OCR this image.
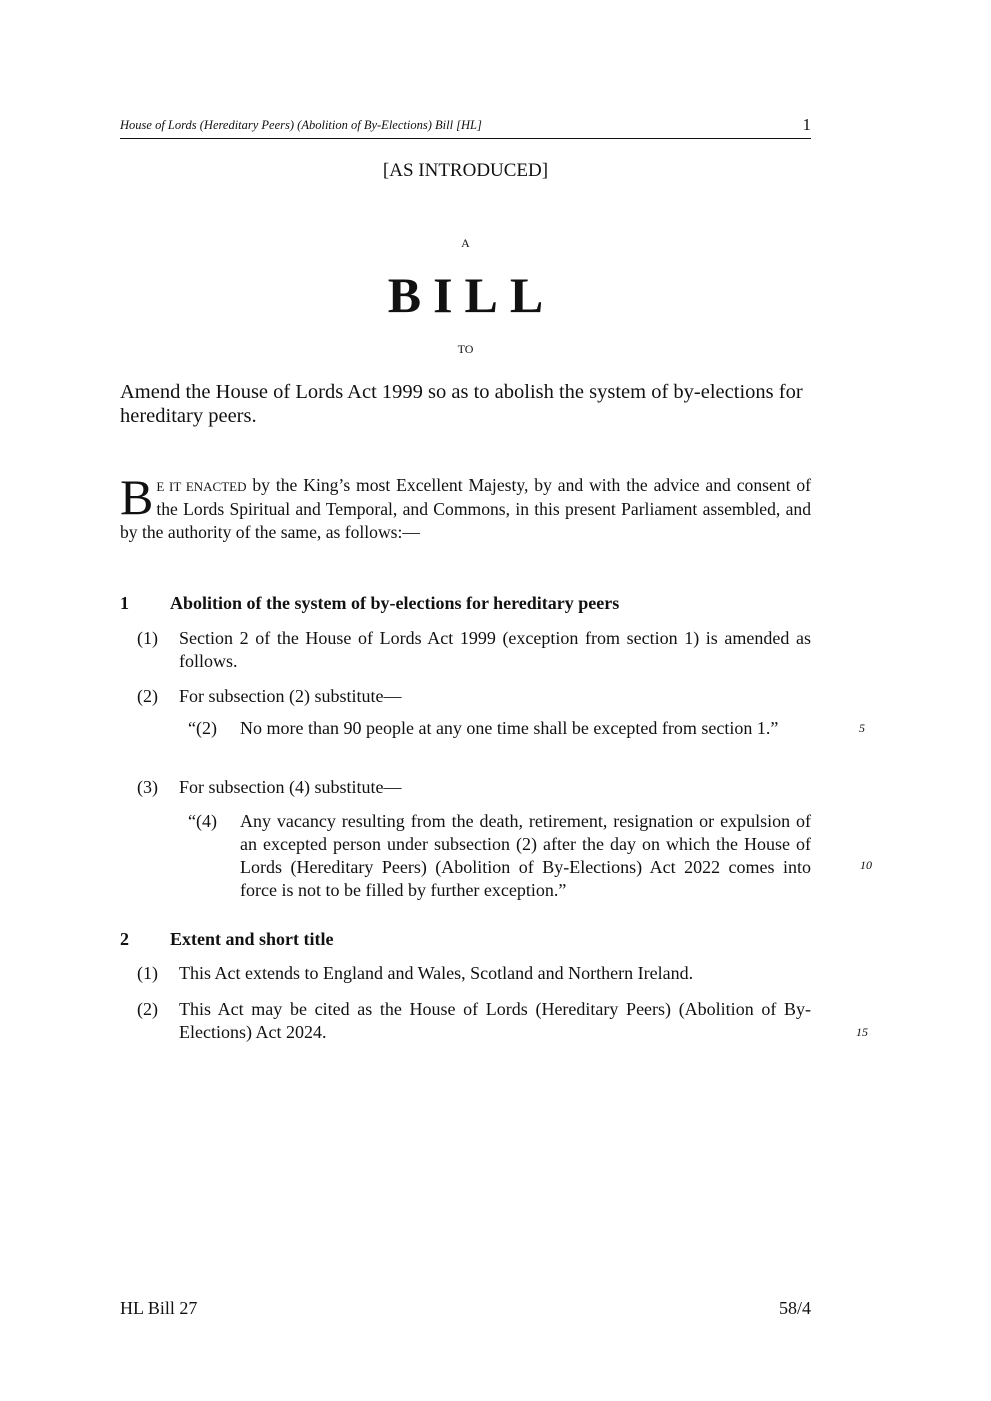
House of Lords (Hereditary Peers) (Abolition of By-Elections) Bill [HL]	1
[AS INTRODUCED]
A
BILL
TO
Amend the House of Lords Act 1999 so as to abolish the system of by-elections for hereditary peers.
B E IT ENACTED by the King’s most Excellent Majesty, by and with the advice and consent of the Lords Spiritual and Temporal, and Commons, in this present Parliament assembled, and by the authority of the same, as follows:—
1 Abolition of the system of by-elections for hereditary peers
(1) Section 2 of the House of Lords Act 1999 (exception from section 1) is amended as follows.
(2) For subsection (2) substitute—
“(2) No more than 90 people at any one time shall be excepted from section 1.”	5
(3) For subsection (4) substitute—
“(4) Any vacancy resulting from the death, retirement, resignation or expulsion of an excepted person under subsection (2) after the day on which the House of Lords (Hereditary Peers) (Abolition of By-Elections) Act 2022 comes into force is not to be filled by further exception.”
10
2 Extent and short title
(1) This Act extends to England and Wales, Scotland and Northern Ireland.
(2) This Act may be cited as the House of Lords (Hereditary Peers) (Abolition of By-Elections) Act 2024.	15
HL Bill 27	58/4
